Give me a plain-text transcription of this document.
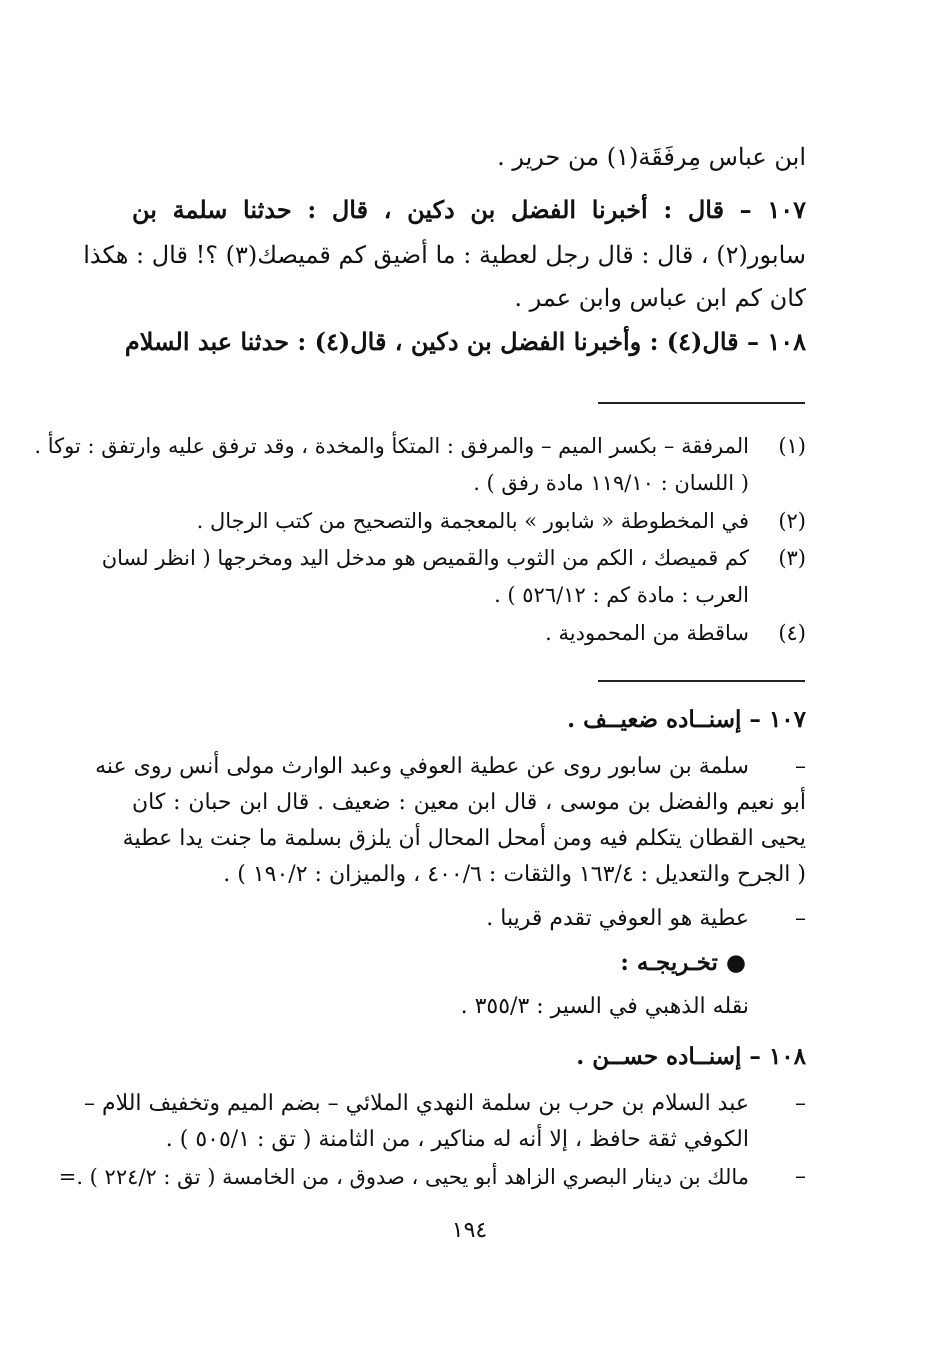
ابن عباس مِرفَقَة(١) من حرير .
١٠٧ – قال : أخبرنا الفضل بن دكين ، قال : حدثنا سلمة بن
سابور(٢) ، قال : قال رجل لعطية : ما أضيق كم قميصك(٣) ؟! قال : هكذا
كان كم ابن عباس وابن عمر .
١٠٨ – قال(٤) : وأخبرنا الفضل بن دكين ، قال(٤) : حدثنا عبد السلام
(١)
المرفقة – بكسر الميم – والمرفق : المتكأ والمخدة ، وقد ترفق عليه وارتفق : توكأ .
( اللسان : ١١٩/١٠ مادة رفق ) .
(٢)
في المخطوطة « شابور » بالمعجمة والتصحيح من كتب الرجال .
(٣)
كم قميصك ، الكم من الثوب والقميص هو مدخل اليد ومخرجها ( انظر لسان
العرب : مادة كم : ٥٢٦/١٢ ) .
(٤)
ساقطة من المحمودية .
١٠٧ – إسنــاده ضعيــف .
–
سلمة بن سابور روى عن عطية العوفي وعبد الوارث مولى أنس روى عنه
أبو نعيم والفضل بن موسى ، قال ابن معين : ضعيف . قال ابن حبان : كان
يحيى القطان يتكلم فيه ومن أمحل المحال أن يلزق بسلمة ما جنت يدا عطية
( الجرح والتعديل : ١٦٣/٤ والثقات : ٤٠٠/٦ ، والميزان : ١٩٠/٢ ) .
–
عطية هو العوفي تقدم قريبا .
● تخـريجـه :
نقله الذهبي في السير : ٣٥٥/٣ .
١٠٨ – إسنــاده حســن .
–
عبد السلام بن حرب بن سلمة النهدي الملائي – بضم الميم وتخفيف اللام –
الكوفي ثقة حافظ ، إلا أنه له مناكير ، من الثامنة ( تق : ٥٠٥/١ ) .
–
مالك بن دينار البصري الزاهد أبو يحيى ، صدوق ، من الخامسة ( تق : ٢٢٤/٢ ) .=
١٩٤
